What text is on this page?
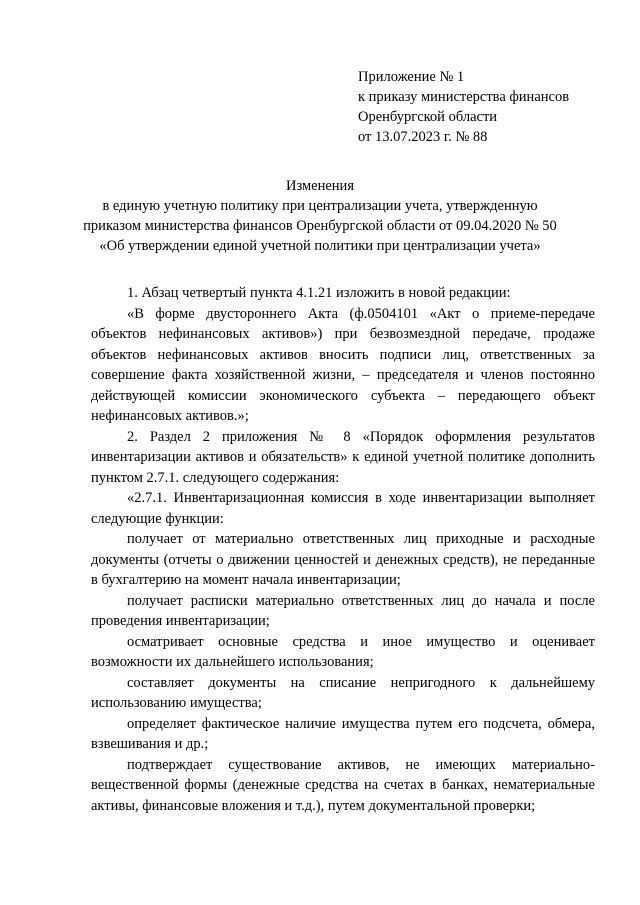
Приложение № 1
к приказу министерства финансов
Оренбургской области
от 13.07.2023 г. № 88
Изменения
в единую учетную политику при централизации учета, утвержденную
приказом министерства финансов Оренбургской области от 09.04.2020 № 50
«Об утверждении единой учетной политики при централизации учета»

1. Абзац четвертый пункта 4.1.21 изложить в новой редакции:

«В форме двустороннего Акта (ф.0504101 «Акт о приеме-передаче объектов нефинансовых активов») при безвозмездной передаче, продаже объектов нефинансовых активов вносить подписи лиц, ответственных за совершение факта хозяйственной жизни, – председателя и членов постоянно действующей комиссии экономического субъекта – передающего объект нефинансовых активов.»;

2. Раздел 2 приложения № 8 «Порядок оформления результатов инвентаризации активов и обязательств» к единой учетной политике дополнить пунктом 2.7.1. следующего содержания:

«2.7.1. Инвентаризационная комиссия в ходе инвентаризации выполняет следующие функции:

получает от материально ответственных лиц приходные и расходные документы (отчеты о движении ценностей и денежных средств), не переданные в бухгалтерию на момент начала инвентаризации;

получает расписки материально ответственных лиц до начала и после проведения инвентаризации;

осматривает основные средства и иное имущество и оценивает возможности их дальнейшего использования;

составляет документы на списание непригодного к дальнейшему использованию имущества;

определяет фактическое наличие имущества путем его подсчета, обмера, взвешивания и др.;

подтверждает существование активов, не имеющих материально-вещественной формы (денежные средства на счетах в банках, нематериальные активы, финансовые вложения и т.д.), путем документальной проверки;
